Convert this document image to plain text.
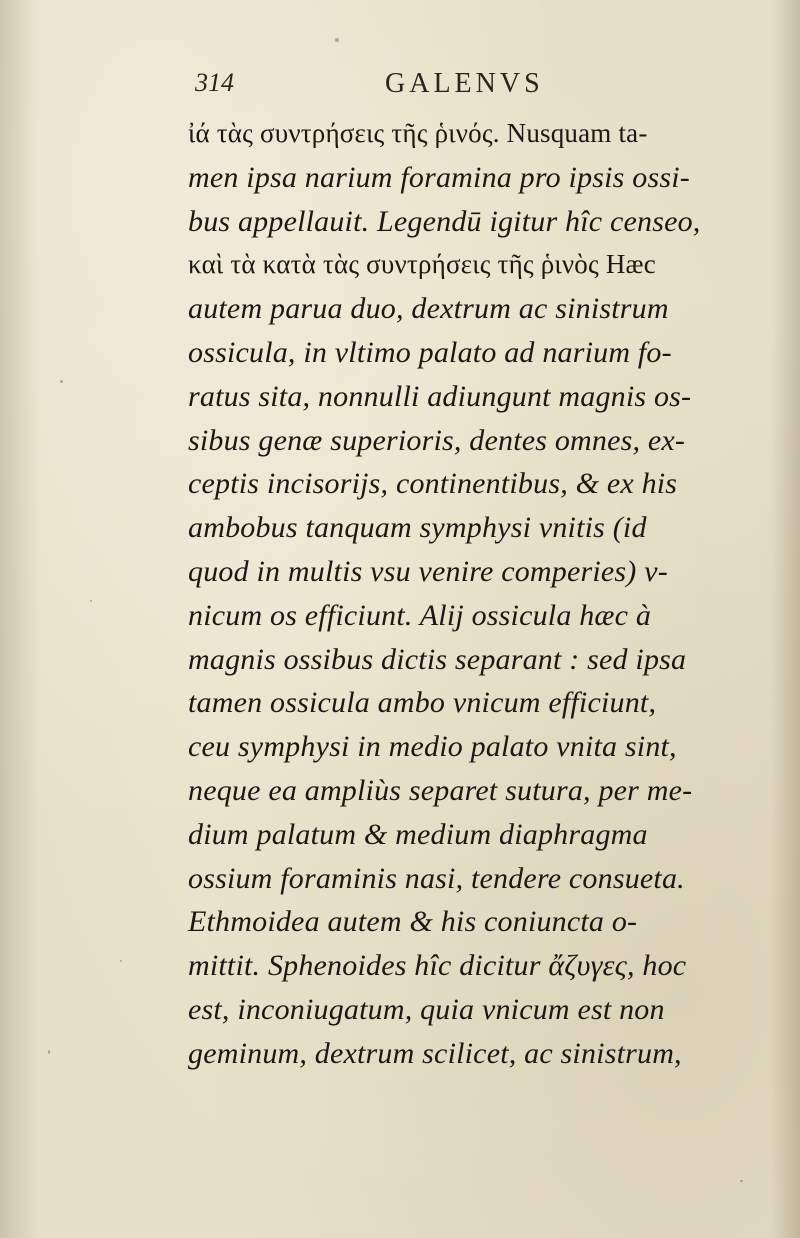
314	GALENVS
ἰά τὰς συντρήσεις τῆς ῥινός. Nusquam ta-
men ipsa narium foramina pro ipsis ossi-
bus appellauit. Legendū igitur hîc censeo,
καὶ τὰ κατὰ τὰς συντρήσεις τῆς ῥινὸς Hæc
autem parua duo, dextrum ac sinistrum
ossicula, in vltimo palato ad narium fo-
ratus sita, nonnulli adiungunt magnis os-
sibus genæ superioris, dentes omnes, ex-
ceptis incisorijs, continentibus, & ex his
ambobus tanquam symphysi vnitis (id
quod in multis vsu venire comperies) v-
nicum os efficiunt. Alij ossicula hæc à
magnis ossibus dictis separant : sed ipsa
tamen ossicula ambo vnicum efficiunt,
ceu symphysi in medio palato vnita sint,
neque ea ampliùs separet sutura, per me-
dium palatum & medium diaphragma
ossium foraminis nasi, tendere consueta.
Ethmoidea autem & his coniuncta o-
mittit. Sphenoides hîc dicitur ἄζυγες, hoc
est, inconiugatum, quia vnicum est non
geminum, dextrum scilicet, ac sinistrum,
